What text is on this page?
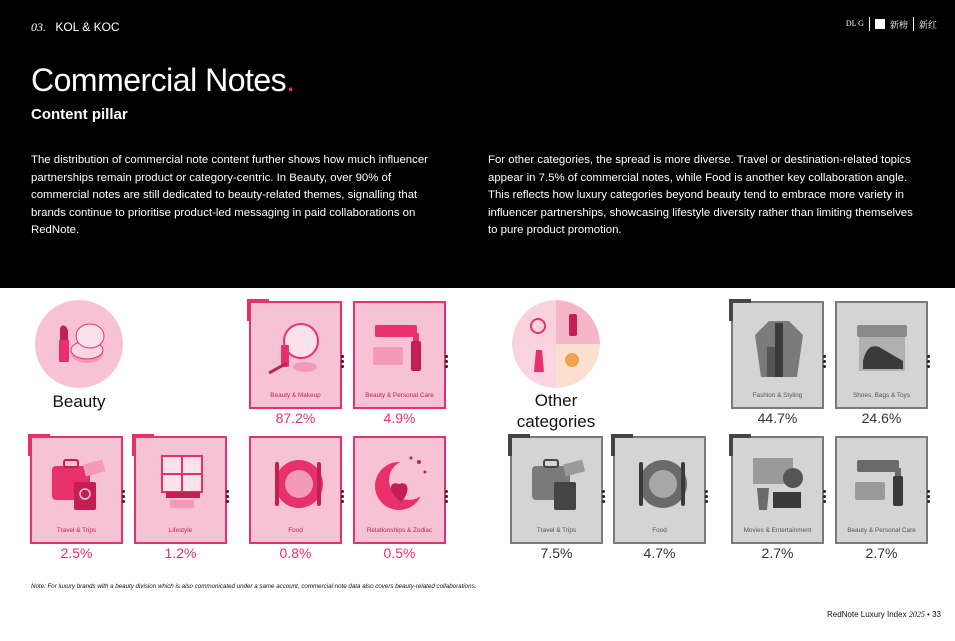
03. KOL & KOC	DL G	新榜 新红
Commercial Notes.
Content pillar
The distribution of commercial note content further shows how much influencer partnerships remain product or category-centric. In Beauty, over 90% of commercial notes are still dedicated to beauty-related themes, signalling that brands continue to prioritise product-led messaging in paid collaborations on RedNote.
For other categories, the spread is more diverse. Travel or destination-related topics appear in 7.5% of commercial notes, while Food is another key collaboration angle. This reflects how luxury categories beyond beauty tend to embrace more variety in influencer partnerships, showcasing lifestyle diversity rather than limiting themselves to pure product promotion.
Beauty	Other categories
Beauty & Makeup
87.2%
Beauty & Personal Care
4.9%
Travel & Trips
2.5%
Lifestyle
1.2%
Food
0.8%
Relationships & Zodiac
0.5%
Fashion & Styling
44.7%
Shoes, Bags & Toys
24.6%
Travel & Trips
7.5%
Food
4.7%
Movies & Entertainment
2.7%
Beauty & Personal Care
2.7%
Note: For luxury brands with a beauty division which is also communicated under a same account, commercial note data also covers beauty-related collaborations.
RedNote Luxury Index 2025 • 33
